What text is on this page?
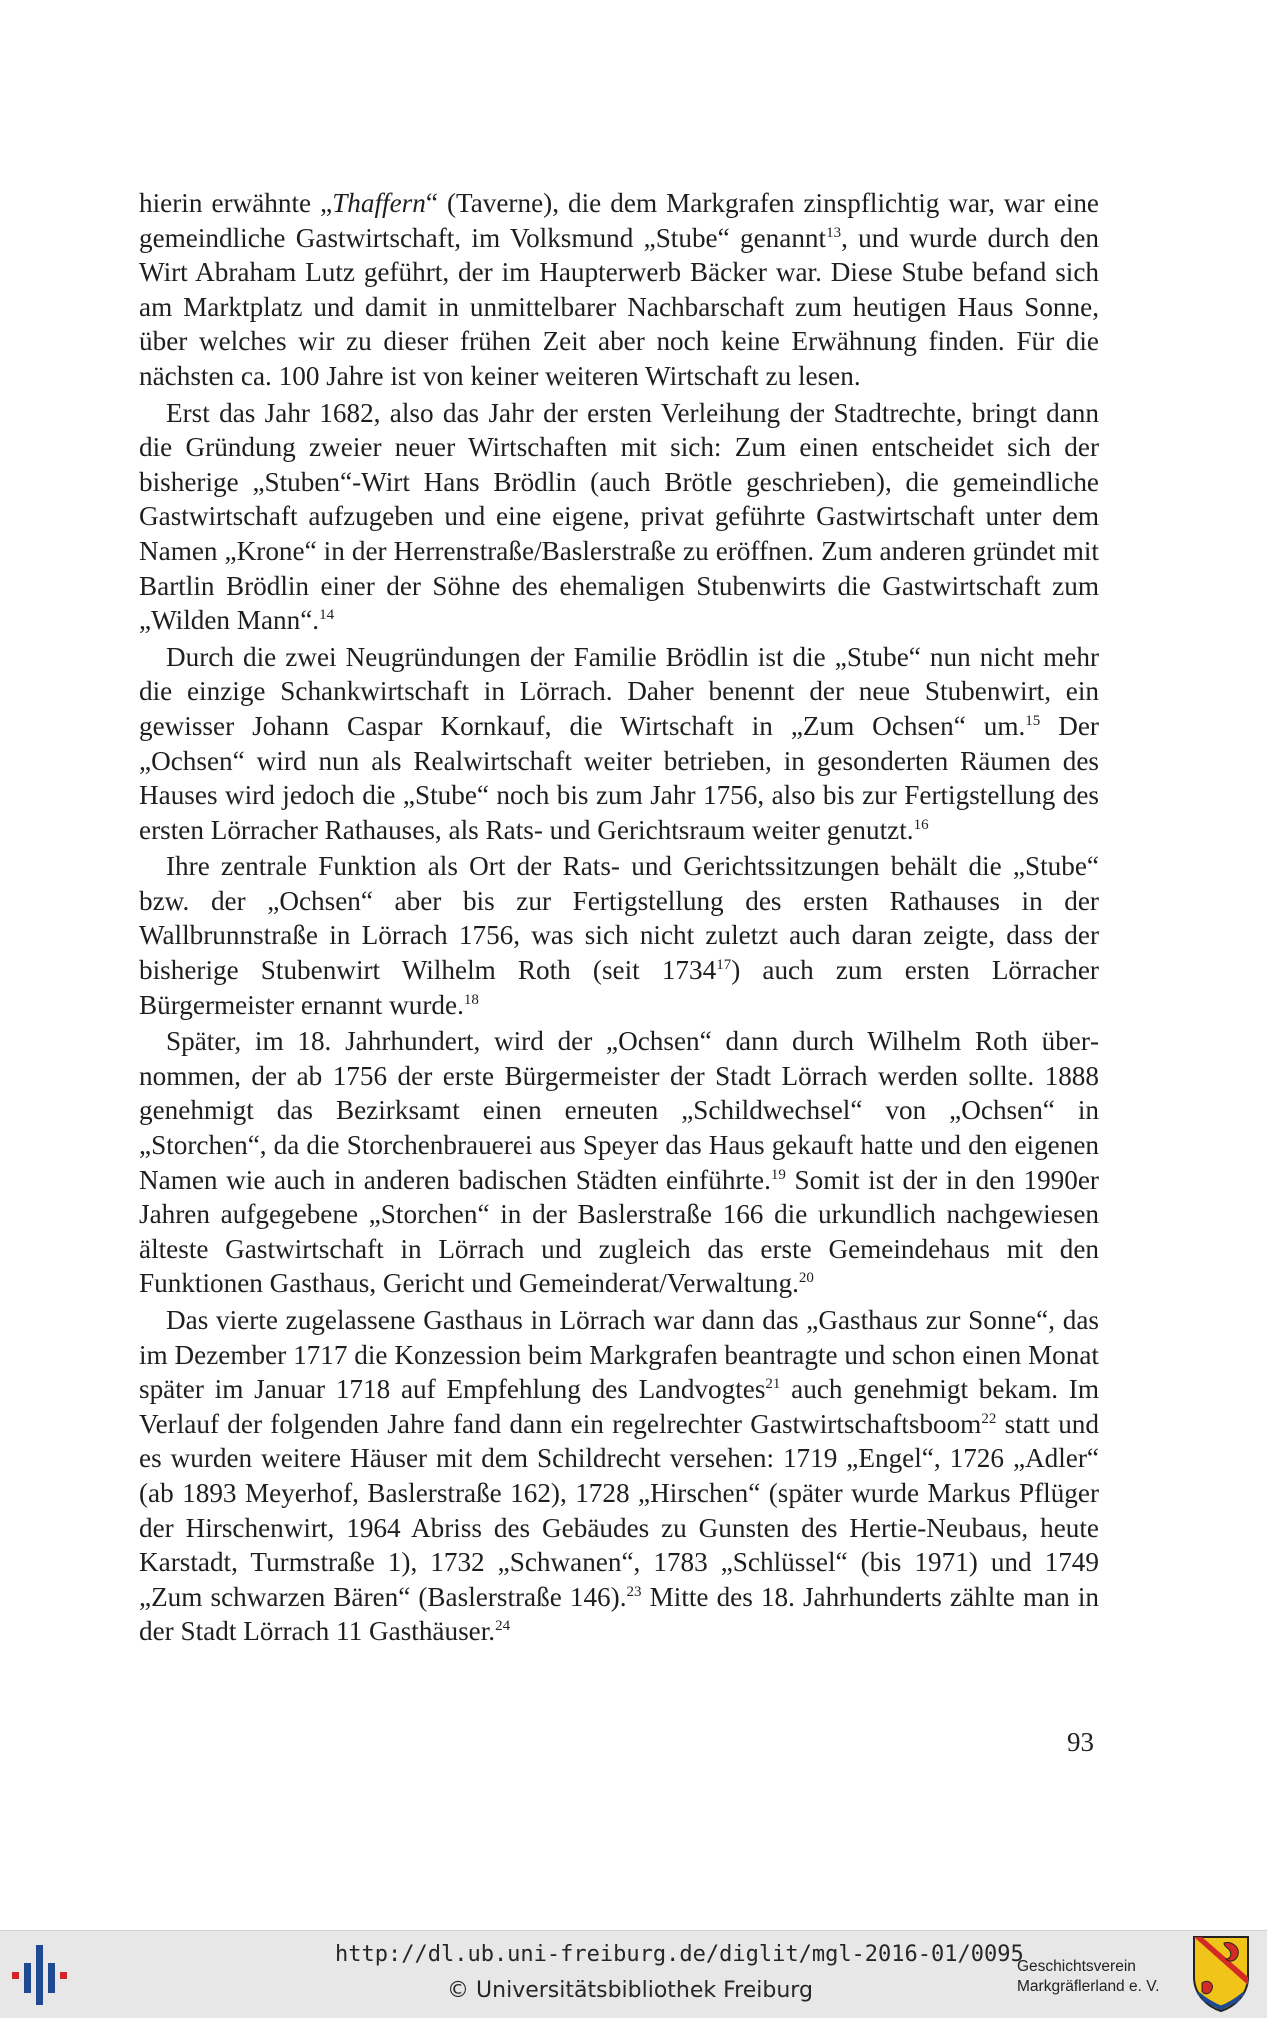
hierin erwähnte „Thaffern“ (Taverne), die dem Markgrafen zinspflichtig war, war eine gemeindliche Gastwirtschaft, im Volksmund „Stube“ genannt$^{13}$, und wurde durch den Wirt Abraham Lutz geführt, der im Haupterwerb Bäcker war. Diese Stube befand sich am Marktplatz und damit in unmittelbarer Nachbarschaft zum heutigen Haus Sonne, über welches wir zu dieser frühen Zeit aber noch keine Erwähnung finden. Für die nächsten ca. 100 Jahre ist von keiner weiteren Wirtschaft zu lesen.

Erst das Jahr 1682, also das Jahr der ersten Verleihung der Stadtrechte, bringt dann die Gründung zweier neuer Wirtschaften mit sich: Zum einen entscheidet sich der bisherige „Stuben“-Wirt Hans Brödlin (auch Brötle geschrieben), die gemeindliche Gastwirtschaft aufzugeben und eine eigene, privat geführte Gastwirtschaft unter dem Namen „Krone“ in der Herrenstraße/Baslerstraße zu eröffnen. Zum anderen gründet mit Bartlin Brödlin einer der Söhne des ehemaligen Stubenwirts die Gastwirtschaft zum „Wilden Mann“.$^{14}$

Durch die zwei Neugründungen der Familie Brödlin ist die „Stube“ nun nicht mehr die einzige Schankwirtschaft in Lörrach. Daher benennt der neue Stubenwirt, ein gewisser Johann Caspar Kornkauf, die Wirtschaft in „Zum Ochsen“ um.$^{15}$ Der „Ochsen“ wird nun als Realwirtschaft weiter betrieben, in gesonderten Räumen des Hauses wird jedoch die „Stube“ noch bis zum Jahr 1756, also bis zur Fertigstellung des ersten Lörracher Rathauses, als Rats- und Gerichtsraum weiter genutzt.$^{16}$

Ihre zentrale Funktion als Ort der Rats- und Gerichtssitzungen behält die „Stube“ bzw. der „Ochsen“ aber bis zur Fertigstellung des ersten Rathauses in der Wallbrunnstraße in Lörrach 1756, was sich nicht zuletzt auch daran zeigte, dass der bisherige Stubenwirt Wilhelm Roth (seit 1734$^{17}$) auch zum ersten Lörracher Bürgermeister ernannt wurde.$^{18}$

Später, im 18. Jahrhundert, wird der „Ochsen“ dann durch Wilhelm Roth übernommen, der ab 1756 der erste Bürgermeister der Stadt Lörrach werden sollte. 1888 genehmigt das Bezirksamt einen erneuten „Schildwechsel“ von „Ochsen“ in „Storchen“, da die Storchenbrauerei aus Speyer das Haus gekauft hatte und den eigenen Namen wie auch in anderen badischen Städten einführte.$^{19}$ Somit ist der in den 1990er Jahren aufgegebene „Storchen“ in der Baslerstraße 166 die urkundlich nachgewiesen älteste Gastwirtschaft in Lörrach und zugleich das erste Gemeindehaus mit den Funktionen Gasthaus, Gericht und Gemeinderat/Verwaltung.$^{20}$

Das vierte zugelassene Gasthaus in Lörrach war dann das „Gasthaus zur Sonne“, das im Dezember 1717 die Konzession beim Markgrafen beantragte und schon einen Monat später im Januar 1718 auf Empfehlung des Landvogtes$^{21}$ auch genehmigt bekam. Im Verlauf der folgenden Jahre fand dann ein regelrechter Gastwirtschaftsboom$^{22}$ statt und es wurden weitere Häuser mit dem Schildrecht versehen: 1719 „Engel“, 1726 „Adler“ (ab 1893 Meyerhof, Baslerstraße 162), 1728 „Hirschen“ (später wurde Markus Pflüger der Hirschenwirt, 1964 Abriss des Gebäudes zu Gunsten des Hertie-Neubaus, heute Karstadt, Turmstraße 1), 1732 „Schwanen“, 1783 „Schlüssel“ (bis 1971) und 1749 „Zum schwarzen Bären“ (Baslerstraße 146).$^{23}$ Mitte des 18. Jahrhunderts zählte man in der Stadt Lörrach 11 Gasthäuser.$^{24}$

93
http://dl.ub.uni-freiburg.de/diglit/mgl-2016-01/0095
© Universitätsbibliothek Freiburg
Geschichtsverein
Markgräflerland e. V.
